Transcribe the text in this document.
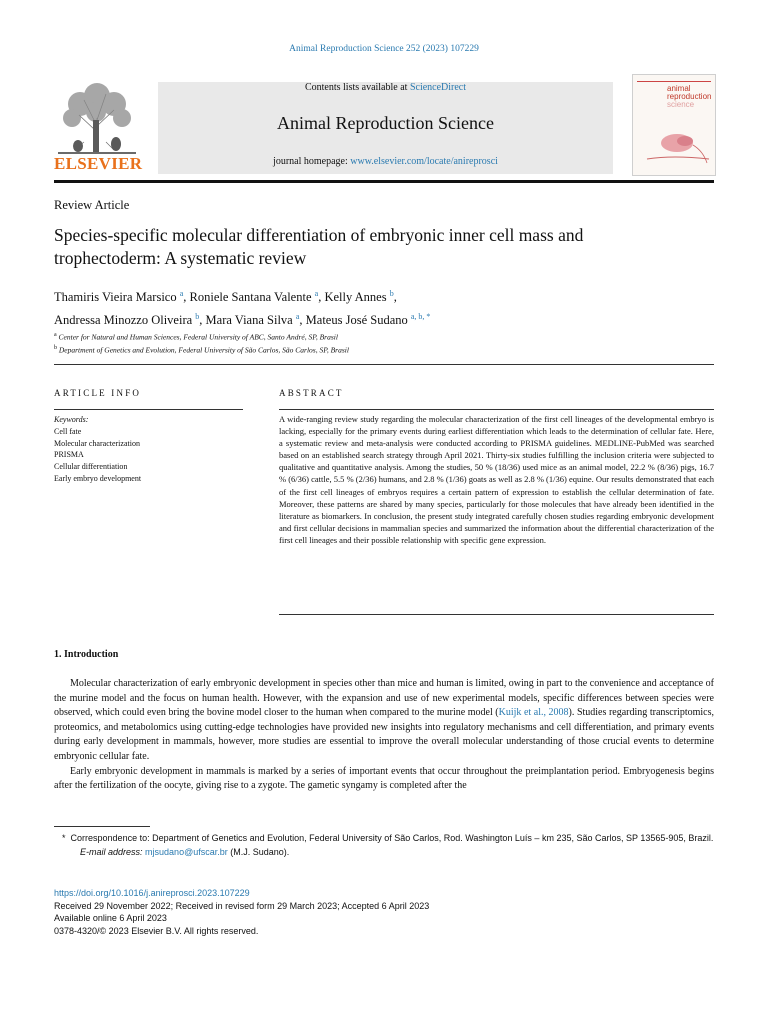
Animal Reproduction Science 252 (2023) 107229
ELSEVIER
Contents lists available at ScienceDirect
Animal Reproduction Science
journal homepage: www.elsevier.com/locate/anireprosci
animal
reproduction
science
Review Article
Species-specific molecular differentiation of embryonic inner cell mass and trophectoderm: A systematic review
Thamiris Vieira Marsico $^a$, Roniele Santana Valente $^a$, Kelly Annes $^b$,
Andressa Minozzo Oliveira $^b$, Mara Viana Silva $^a$, Mateus José Sudano $^{a, b, *}$
$^a$ Center for Natural and Human Sciences, Federal University of ABC, Santo André, SP, Brasil
$^b$ Department of Genetics and Evolution, Federal University of São Carlos, São Carlos, SP, Brasil
ARTICLE INFO	ABSTRACT
Keywords:
Cell fate
Molecular characterization
PRISMA
Cellular differentiation
Early embryo development
A wide-ranging review study regarding the molecular characterization of the first cell lineages of the developmental embryo is lacking, especially for the primary events during earliest differentiation which leads to the determination of cellular fate. Here, a systematic review and meta-analysis were conducted according to PRISMA guidelines. MEDLINE-PubMed was searched based on an established search strategy through April 2021. Thirty-six studies fulfilling the inclusion criteria were subjected to qualitative and quantitative analysis. Among the studies, 50 % (18/36) used mice as an animal model, 22.2 % (8/36) pigs, 16.7 % (6/36) cattle, 5.5 % (2/36) humans, and 2.8 % (1/36) goats as well as 2.8 % (1/36) equine. Our results demonstrated that each of the first cell lineages of embryos requires a certain pattern of expression to establish the cellular determination of fate. Moreover, these patterns are shared by many species, particularly for those molecules that have already been identified in the literature as biomarkers. In conclusion, the present study integrated carefully chosen studies regarding embryonic development and first cellular decisions in mammalian species and summarized the information about the differential characterization of the first cell lineages and their possible relationship with specific gene expression.
1. Introduction

Molecular characterization of early embryonic development in species other than mice and human is limited, owing in part to the convenience and acceptance of the murine model and the focus on human health. However, with the expansion and use of new experimental models, specific differences between species were observed, which could even bring the bovine model closer to the human when compared to the murine model (Kuijk et al., 2008). Studies regarding transcriptomics, proteomics, and metabolomics using cutting-edge technologies have provided new insights into regulatory mechanisms and cell differentiation, and primary events during early development in mammals, however, more studies are essential to improve the overall molecular understanding of those crucial events to determine embryonic cellular fate.

Early embryonic development in mammals is marked by a series of important events that occur throughout the preimplantation period. Embryogenesis begins after the fertilization of the oocyte, giving rise to a zygote. The gametic syngamy is completed after the

* Correspondence to: Department of Genetics and Evolution, Federal University of São Carlos, Rod. Washington Luís – km 235, São Carlos, SP 13565-905, Brazil.
E-mail address: mjsudano@ufscar.br (M.J. Sudano).
https://doi.org/10.1016/j.anireprosci.2023.107229
Received 29 November 2022; Received in revised form 29 March 2023; Accepted 6 April 2023
Available online 6 April 2023
0378-4320/© 2023 Elsevier B.V. All rights reserved.
